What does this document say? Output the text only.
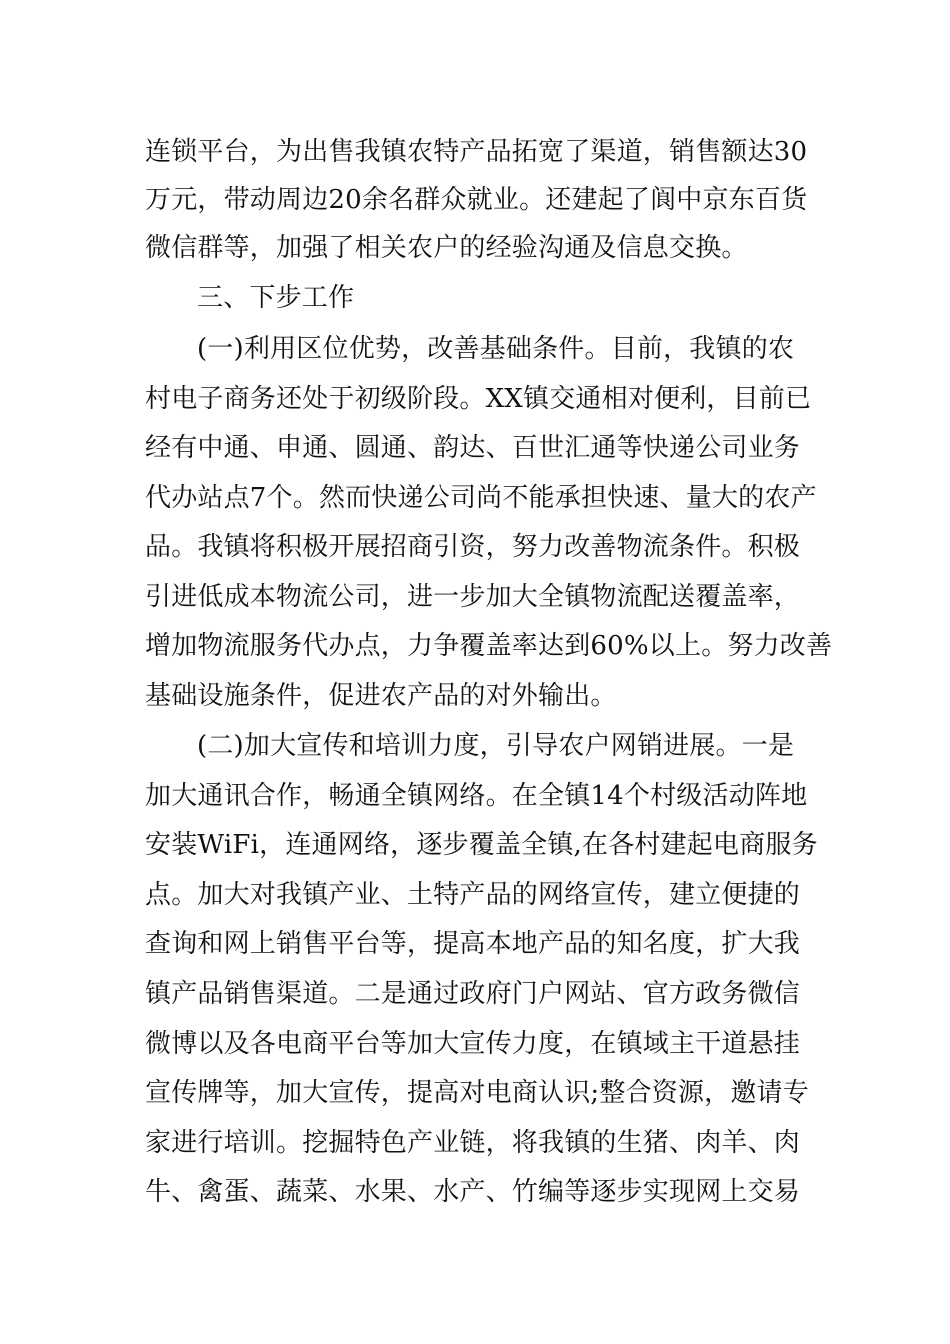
连锁平台，为出售我镇农特产品拓宽了渠道，销售额达30
万元，带动周边20余名群众就业。还建起了阆中京东百货
微信群等，加强了相关农户的经验沟通及信息交换。
三、下步工作
(一)利用区位优势，改善基础条件。目前，我镇的农
村电子商务还处于初级阶段。XX镇交通相对便利，目前已
经有中通、申通、圆通、韵达、百世汇通等快递公司业务
代办站点7个。然而快递公司尚不能承担快速、量大的农产
品。我镇将积极开展招商引资，努力改善物流条件。积极
引进低成本物流公司，进一步加大全镇物流配送覆盖率，
增加物流服务代办点，力争覆盖率达到60%以上。努力改善
基础设施条件，促进农产品的对外输出。
(二)加大宣传和培训力度，引导农户网销进展。一是
加大通讯合作，畅通全镇网络。在全镇14个村级活动阵地
安装WiFi，连通网络，逐步覆盖全镇,在各村建起电商服务
点。加大对我镇产业、土特产品的网络宣传，建立便捷的
查询和网上销售平台等，提高本地产品的知名度，扩大我
镇产品销售渠道。二是通过政府门户网站、官方政务微信
微博以及各电商平台等加大宣传力度，在镇域主干道悬挂
宣传牌等，加大宣传，提高对电商认识;整合资源，邀请专
家进行培训。挖掘特色产业链，将我镇的生猪、肉羊、肉
牛、禽蛋、蔬菜、水果、水产、竹编等逐步实现网上交易
